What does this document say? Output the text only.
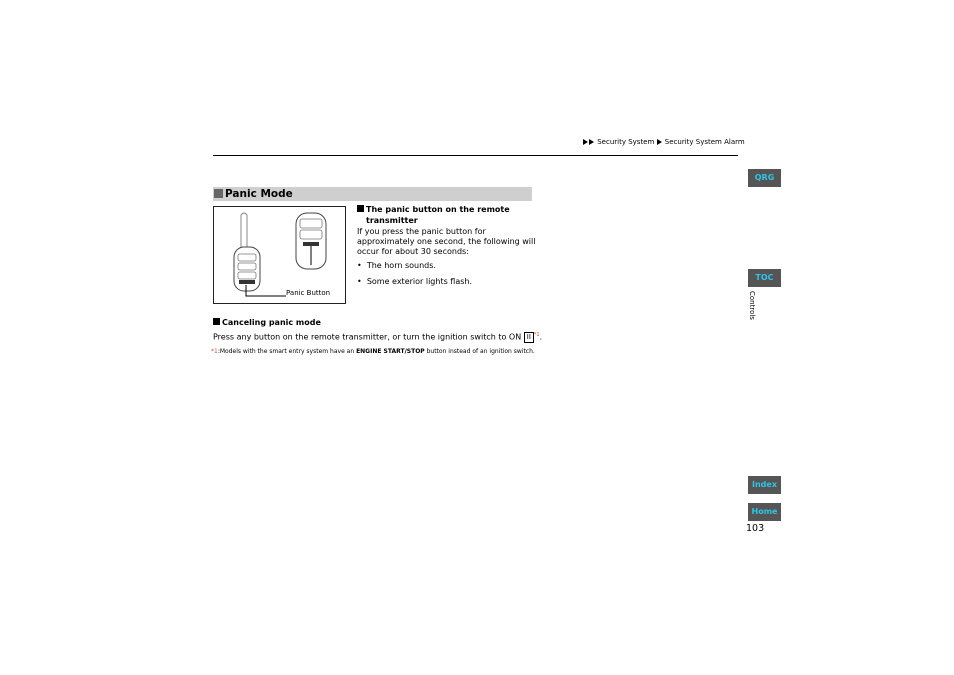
Security System Security System Alarm
Panic Mode
Panic Button
The panic button on the remote
transmitter
If you press the panic button for
approximately one second, the following will
occur for about 30 seconds:
•  The horn sounds.
•  Some exterior lights flash.
Canceling panic mode
Press any button on the remote transmitter, or turn the ignition switch to ON II $^{*1}$.
*1:Models with the smart entry system have an ENGINE START/STOP button instead of an ignition switch.
QRG
TOC
Controls
Index
Home
103
